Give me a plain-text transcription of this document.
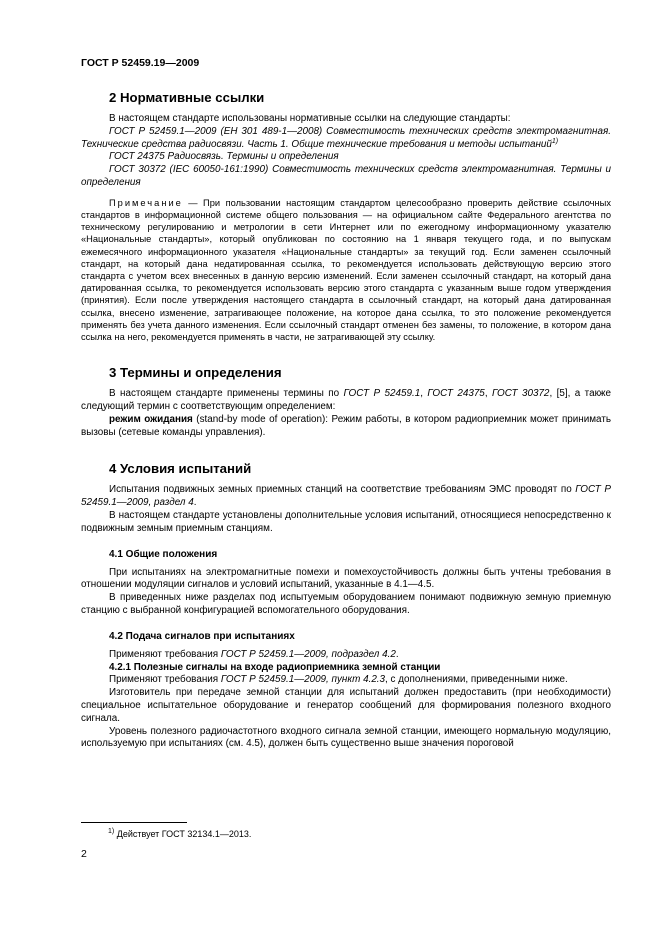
ГОСТ Р 52459.19—2009
2 Нормативные ссылки

В настоящем стандарте использованы нормативные ссылки на следующие стандарты:

ГОСТ Р 52459.1—2009 (ЕН 301 489-1—2008) Совместимость технических средств электромагнитная. Технические средства радиосвязи. Часть 1. Общие технические требования и методы испытаний$^{1)}$

ГОСТ 24375 Радиосвязь. Термины и определения

ГОСТ 30372 (IEC 60050-161:1990) Совместимость технических средств электромагнитная. Термины и определения

Примечание — При пользовании настоящим стандартом целесообразно проверить действие ссылочных стандартов в информационной системе общего пользования — на официальном сайте Федерального агентства по техническому регулированию и метрологии в сети Интернет или по ежегодному информационному указателю «Национальные стандарты», который опубликован по состоянию на 1 января текущего года, и по выпускам ежемесячного информационного указателя «Национальные стандарты» за текущий год. Если заменен ссылочный стандарт, на который дана недатированная ссылка, то рекомендуется использовать действующую версию этого стандарта с учетом всех внесенных в данную версию изменений. Если заменен ссылочный стандарт, на который дана датированная ссылка, то рекомендуется использовать версию этого стандарта с указанным выше годом утверждения (принятия). Если после утверждения настоящего стандарта в ссылочный стандарт, на который дана датированная ссылка, внесено изменение, затрагивающее положение, на которое дана ссылка, то это положение рекомендуется применять без учета данного изменения. Если ссылочный стандарт отменен без замены, то положение, в котором дана ссылка на него, рекомендуется применять в части, не затрагивающей эту ссылку.

3 Термины и определения

В настоящем стандарте применены термины по ГОСТ Р 52459.1, ГОСТ 24375, ГОСТ 30372, [5], а также следующий термин с соответствующим определением:

режим ожидания (stand-by mode of operation): Режим работы, в котором радиоприемник может принимать вызовы (сетевые команды управления).

4 Условия испытаний

Испытания подвижных земных приемных станций на соответствие требованиям ЭМС проводят по ГОСТ Р 52459.1—2009, раздел 4.

В настоящем стандарте установлены дополнительные условия испытаний, относящиеся непосредственно к подвижным земным приемным станциям.

4.1 Общие положения

При испытаниях на электромагнитные помехи и помехоустойчивость должны быть учтены требования в отношении модуляции сигналов и условий испытаний, указанные в 4.1—4.5.

В приведенных ниже разделах под испытуемым оборудованием понимают подвижную земную приемную станцию с выбранной конфигурацией вспомогательного оборудования.

4.2 Подача сигналов при испытаниях

Применяют требования ГОСТ Р 52459.1—2009, подраздел 4.2.

4.2.1 Полезные сигналы на входе радиоприемника земной станции

Применяют требования ГОСТ Р 52459.1—2009, пункт 4.2.3, с дополнениями, приведенными ниже.

Изготовитель при передаче земной станции для испытаний должен предоставить (при необходимости) специальное испытательное оборудование и генератор сообщений для формирования полезного входного сигнала.

Уровень полезного радиочастотного входного сигнала земной станции, имеющего нормальную модуляцию, используемую при испытаниях (см. 4.5), должен быть существенно выше значения пороговой

$^{1)}$ Действует ГОСТ 32134.1—2013.
2
